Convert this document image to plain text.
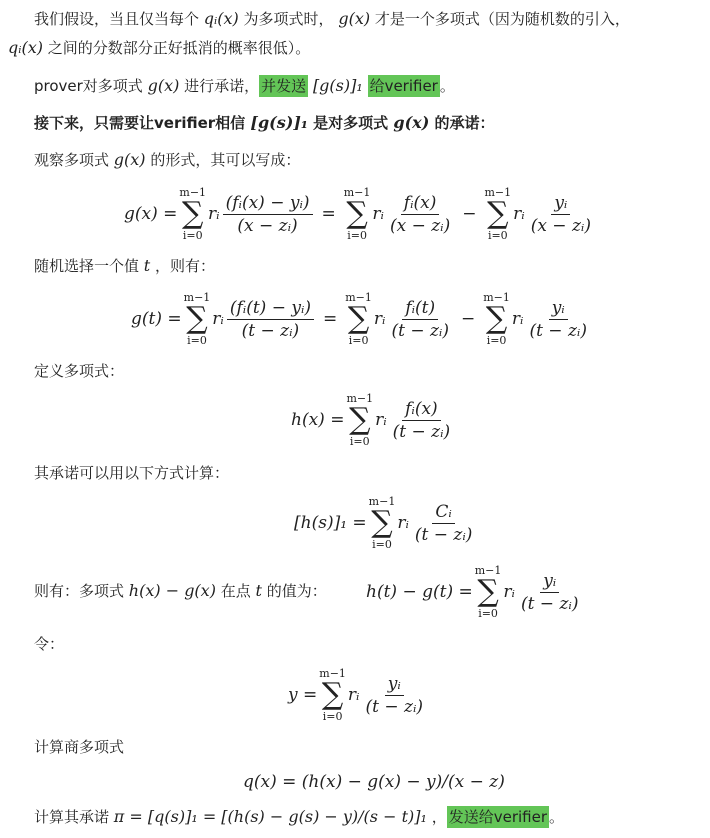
我们假设，当且仅当每个 qᵢ(x) 为多项式时， g(x) 才是一个多项式（因为随机数的引入，
qᵢ(x) 之间的分数部分正好抵消的概率很低）。
prover对多项式 g(x) 进行承诺， 并发送 [g(s)]₁ 给verifier 。
接下来，只需要让verifier相信 [g(s)]₁ 是对多项式 g(x) 的承诺：
观察多项式 g(x) 的形式，其可以写成：
g(x) =
m−1
∑
i=0
rᵢ $\frac{\text{(fᵢ(x) − yᵢ)}}{\text{(x − zᵢ)}}$ =
m−1
∑
i=0
rᵢ $\frac{\text{fᵢ(x)}}{\text{(x − zᵢ)}}$ −
m−1
∑
i=0
rᵢ $\frac{\text{yᵢ}}{\text{(x − zᵢ)}}$
随机选择一个值 t ，则有：
g(t) =
m−1
∑
i=0
rᵢ $\frac{\text{(fᵢ(t) − yᵢ)}}{\text{(t − zᵢ)}}$ =
m−1
∑
i=0
rᵢ $\frac{\text{fᵢ(t)}}{\text{(t − zᵢ)}}$ −
m−1
∑
i=0
rᵢ $\frac{\text{yᵢ}}{\text{(t − zᵢ)}}$
定义多项式：
h(x) =
m−1
∑
i=0
rᵢ $\frac{\text{fᵢ(x)}}{\text{(t − zᵢ)}}$
其承诺可以用以下方式计算：
[h(s)]₁ =
m−1
∑
i=0
rᵢ $\frac{\text{Cᵢ}}{\text{(t − zᵢ)}}$
则有：多项式 h(x) − g(x) 在点 t 的值为： h(t) − g(t) =
m−1
∑
i=0
rᵢ $\frac{\text{yᵢ}}{\text{(t − zᵢ)}}$
令：
y =
m−1
∑
i=0
rᵢ $\frac{\text{yᵢ}}{\text{(t − zᵢ)}}$
计算商多项式
q(x) = (h(x) − g(x) − y)/(x − z)
计算其承诺 π = [q(s)]₁ = [(h(s) − g(s) − y)/(s − t)]₁ ， 发送给verifier 。
